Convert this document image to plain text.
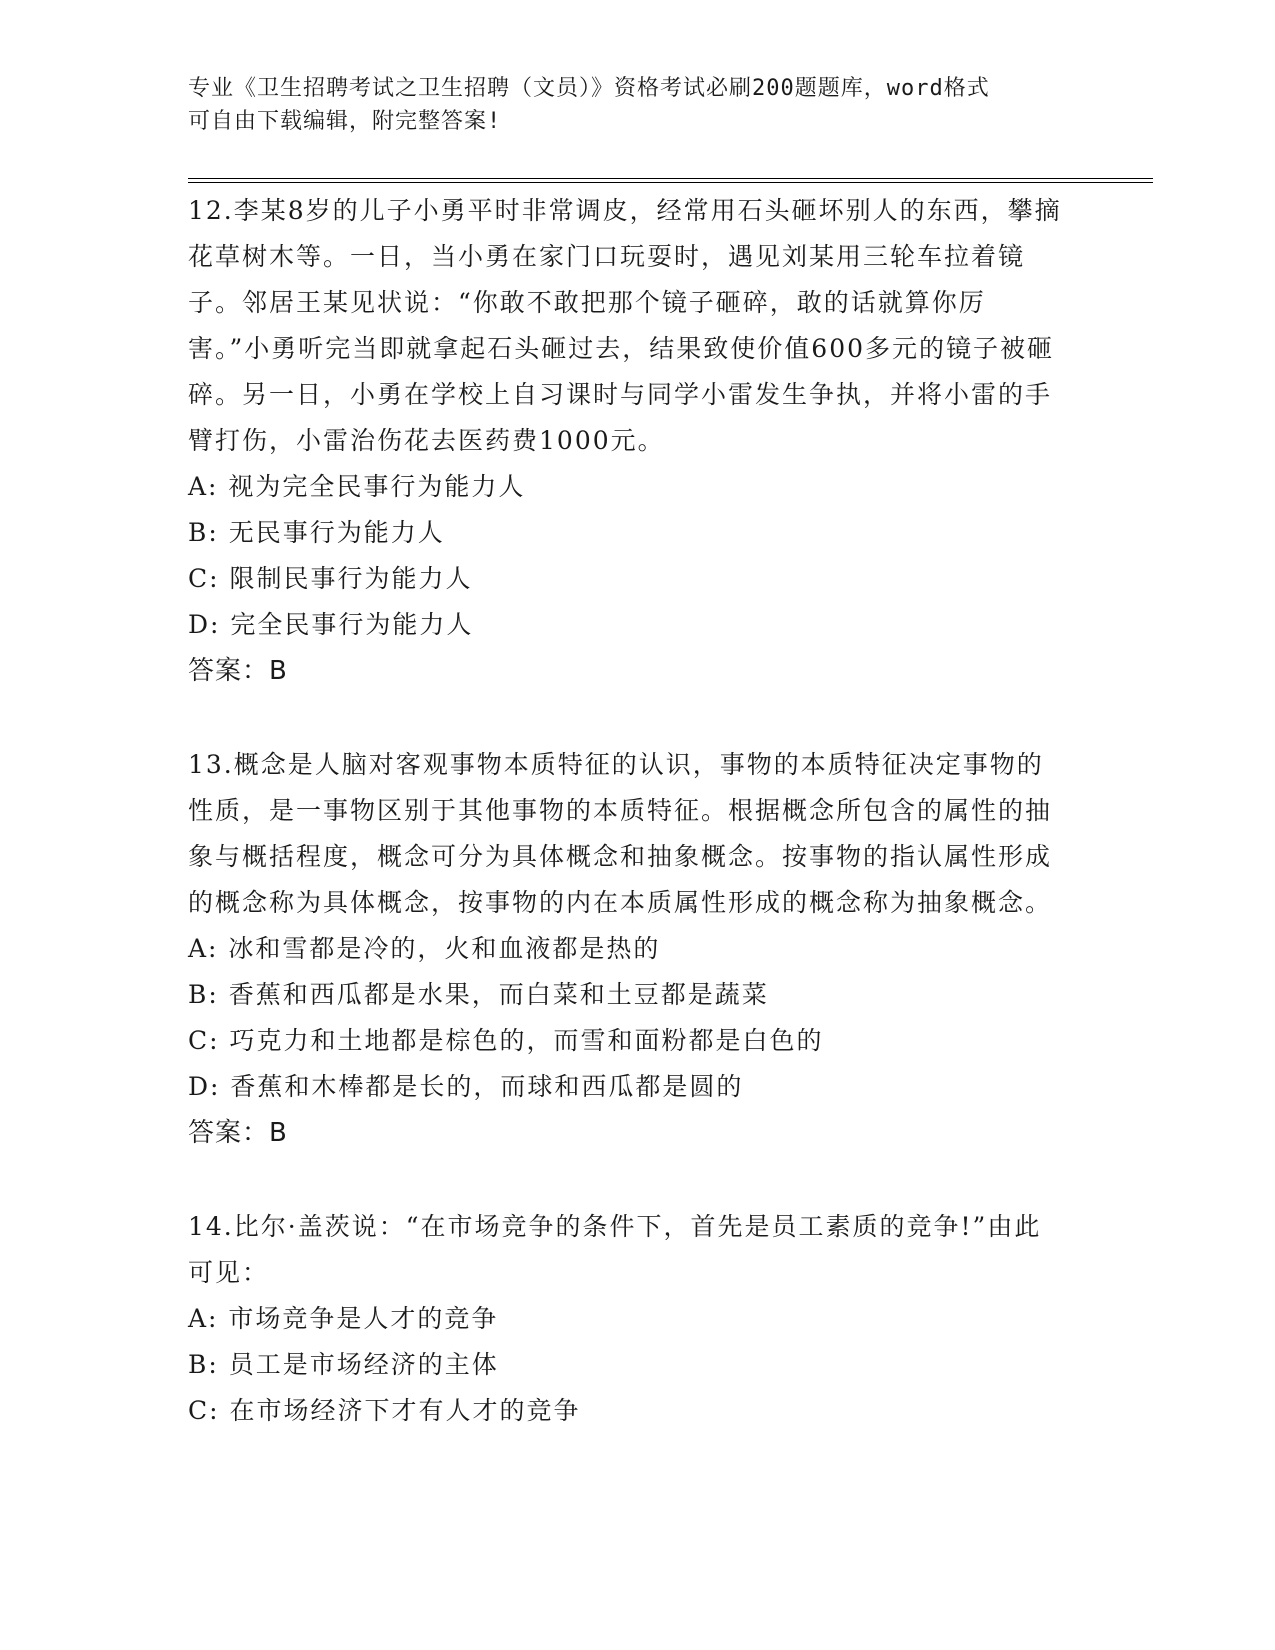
专业《卫生招聘考试之卫生招聘（文员）》资格考试必刷200题题库，word格式
可自由下载编辑，附完整答案!

12.李某8岁的儿子小勇平时非常调皮，经常用石头砸坏别人的东西，攀摘花草树木等。一日，当小勇在家门口玩耍时，遇见刘某用三轮车拉着镜子。邻居王某见状说：“你敢不敢把那个镜子砸碎，敢的话就算你厉害。”小勇听完当即就拿起石头砸过去，结果致使价值600多元的镜子被砸碎。另一日，小勇在学校上自习课时与同学小雷发生争执，并将小雷的手臂打伤，小雷治伤花去医药费1000元。

A: 视为完全民事行为能力人

B: 无民事行为能力人

C: 限制民事行为能力人

D: 完全民事行为能力人

答案：B

13.概念是人脑对客观事物本质特征的认识，事物的本质特征决定事物的性质，是一事物区别于其他事物的本质特征。根据概念所包含的属性的抽象与概括程度，概念可分为具体概念和抽象概念。按事物的指认属性形成的概念称为具体概念，按事物的内在本质属性形成的概念称为抽象概念。

A: 冰和雪都是冷的，火和血液都是热的

B: 香蕉和西瓜都是水果，而白菜和土豆都是蔬菜

C: 巧克力和土地都是棕色的，而雪和面粉都是白色的

D: 香蕉和木棒都是长的，而球和西瓜都是圆的

答案：B

14.比尔·盖茨说：“在市场竞争的条件下，首先是员工素质的竞争!”由此可见：

A: 市场竞争是人才的竞争

B: 员工是市场经济的主体

C: 在市场经济下才有人才的竞争
